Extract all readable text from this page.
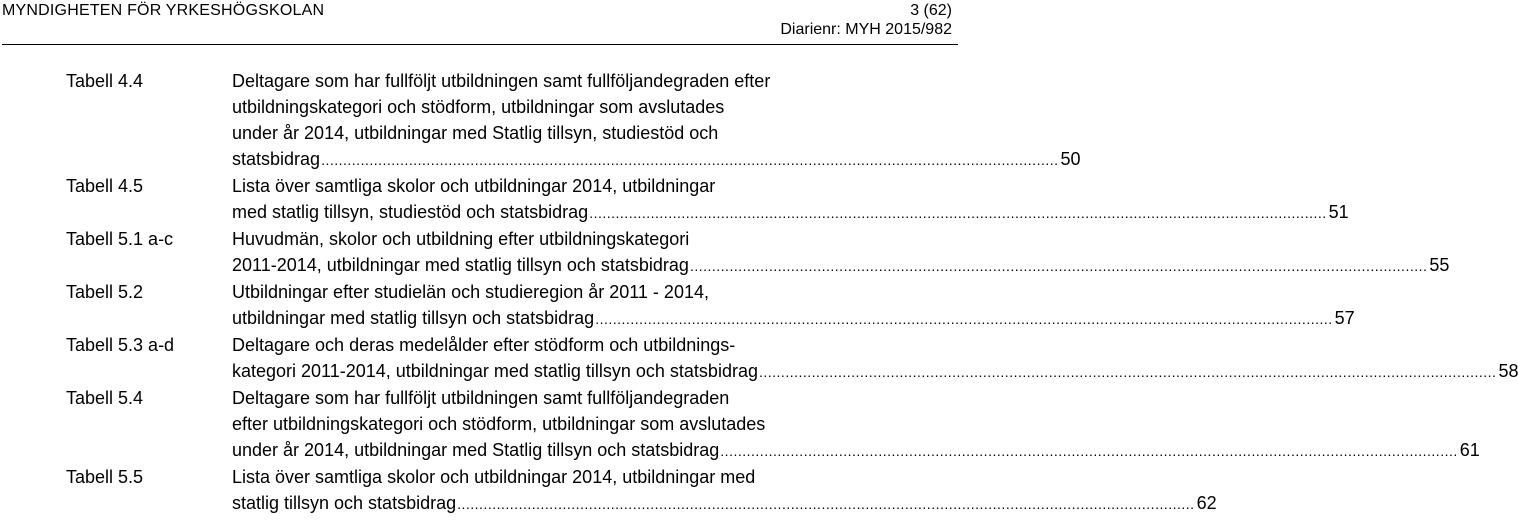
MYNDIGHETEN FÖR YRKESHÖGSKOLAN	3 (62)
Diarienr: MYH 2015/982
Tabell 4.4	Deltagare som har fullföljt utbildningen samt fullföljandegraden efter
utbildningskategori och stödform, utbildningar som avslutades
under år 2014, utbildningar med Statlig tillsyn, studiestöd och
statsbidrag ........................................................................................................................................................................ 50
Tabell 4.5	Lista över samtliga skolor och utbildningar 2014, utbildningar
med statlig tillsyn, studiestöd och statsbidrag ........................................................................................................................................................................ 51
Tabell 5.1 a-c	Huvudmän, skolor och utbildning efter utbildningskategori
2011-2014, utbildningar med statlig tillsyn och statsbidrag ........................................................................................................................................................................ 55
Tabell 5.2	Utbildningar efter studielän och studieregion år 2011 - 2014,
utbildningar med statlig tillsyn och statsbidrag ........................................................................................................................................................................ 57
Tabell 5.3 a-d	Deltagare och deras medelålder efter stödform och utbildnings-
kategori 2011-2014, utbildningar med statlig tillsyn och statsbidrag ........................................................................................................................................................................ 58
Tabell 5.4	Deltagare som har fullföljt utbildningen samt fullföljandegraden
efter utbildningskategori och stödform, utbildningar som avslutades
under år 2014, utbildningar med Statlig tillsyn och statsbidrag ........................................................................................................................................................................ 61
Tabell 5.5	Lista över samtliga skolor och utbildningar 2014, utbildningar med
statlig tillsyn och statsbidrag ........................................................................................................................................................................ 62
